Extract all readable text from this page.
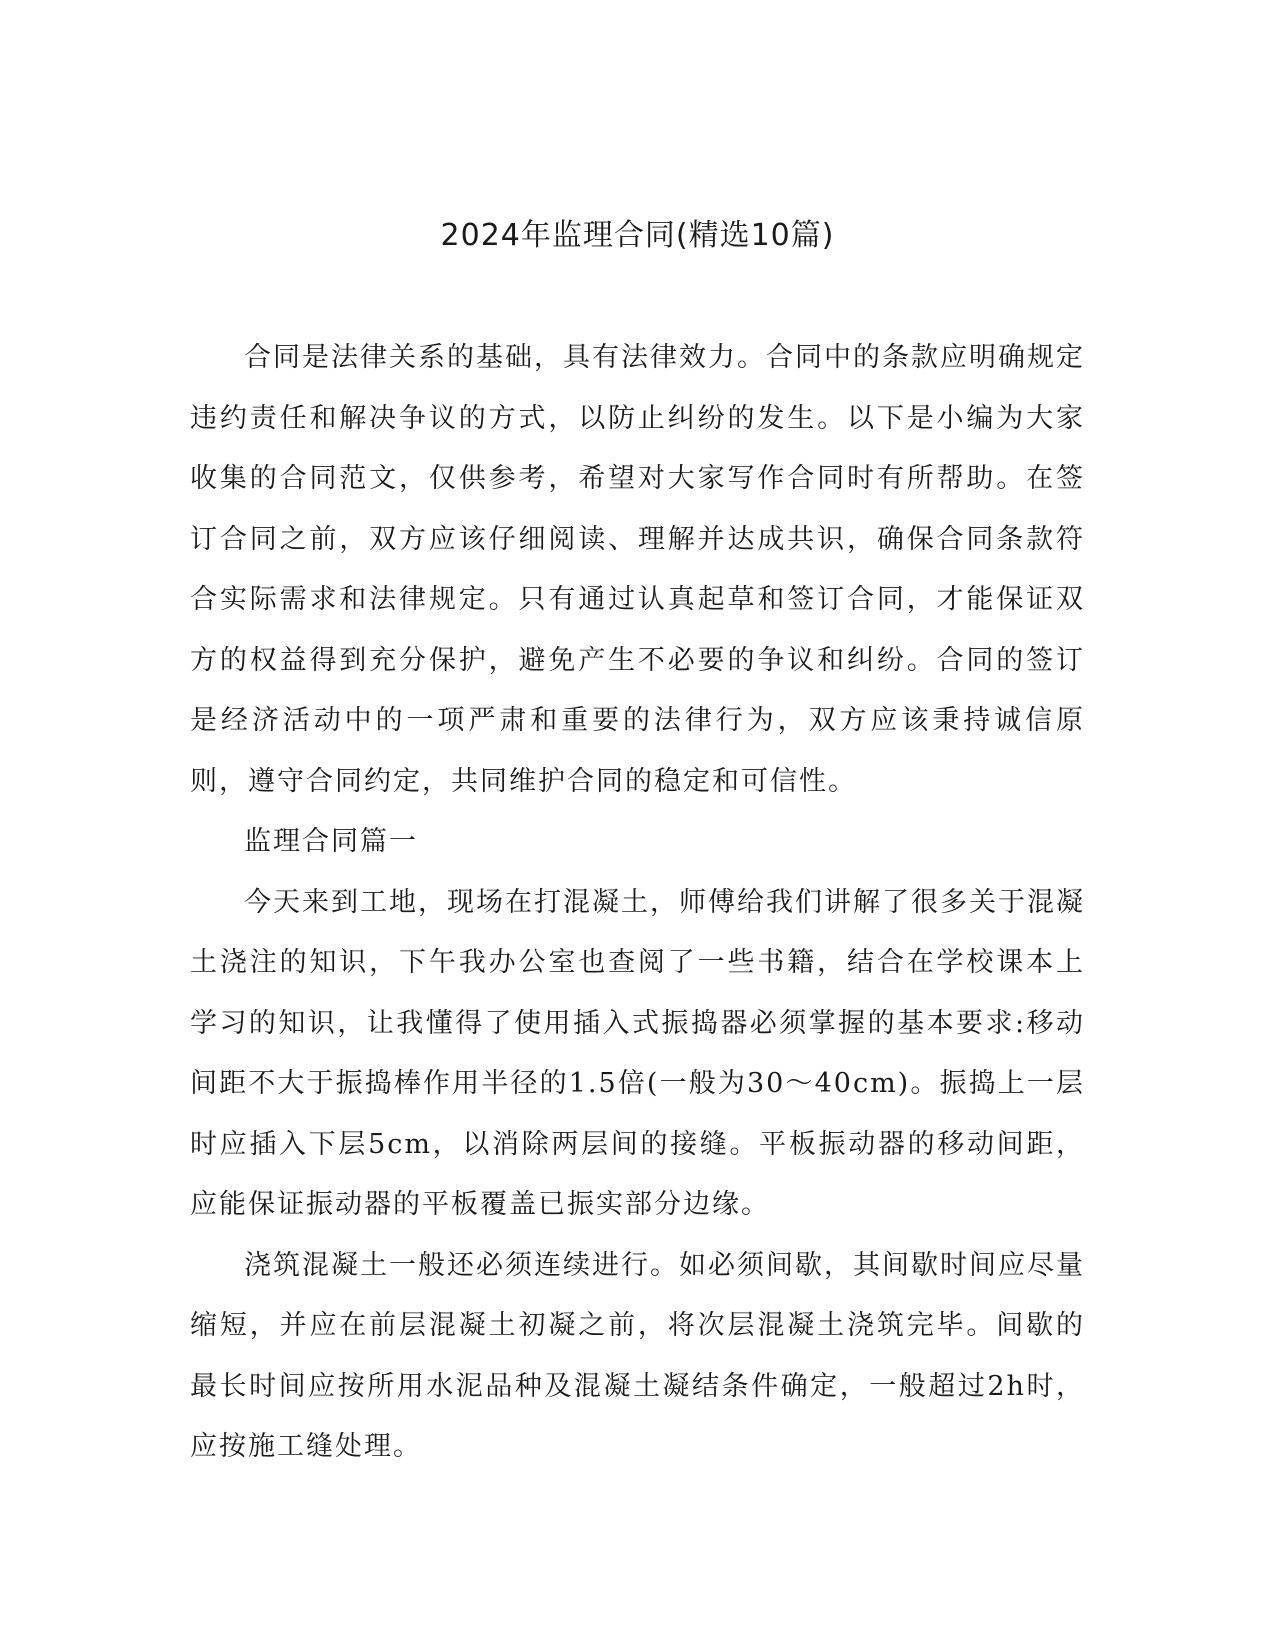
2024年监理合同(精选10篇)

合同是法律关系的基础，具有法律效力。合同中的条款应明确规定违约责任和解决争议的方式，以防止纠纷的发生。以下是小编为大家收集的合同范文，仅供参考，希望对大家写作合同时有所帮助。在签订合同之前，双方应该仔细阅读、理解并达成共识，确保合同条款符合实际需求和法律规定。只有通过认真起草和签订合同，才能保证双方的权益得到充分保护，避免产生不必要的争议和纠纷。合同的签订是经济活动中的一项严肃和重要的法律行为，双方应该秉持诚信原则，遵守合同约定，共同维护合同的稳定和可信性。

监理合同篇一

今天来到工地，现场在打混凝土，师傅给我们讲解了很多关于混凝土浇注的知识，下午我办公室也查阅了一些书籍，结合在学校课本上学习的知识，让我懂得了使用插入式振捣器必须掌握的基本要求:移动间距不大于振捣棒作用半径的1.5倍(一般为30～40cm)。振捣上一层时应插入下层5cm，以消除两层间的接缝。平板振动器的移动间距，应能保证振动器的平板覆盖已振实部分边缘。

浇筑混凝土一般还必须连续进行。如必须间歇，其间歇时间应尽量缩短，并应在前层混凝土初凝之前，将次层混凝土浇筑完毕。间歇的最长时间应按所用水泥品种及混凝土凝结条件确定，一般超过2h时，应按施工缝处理。
